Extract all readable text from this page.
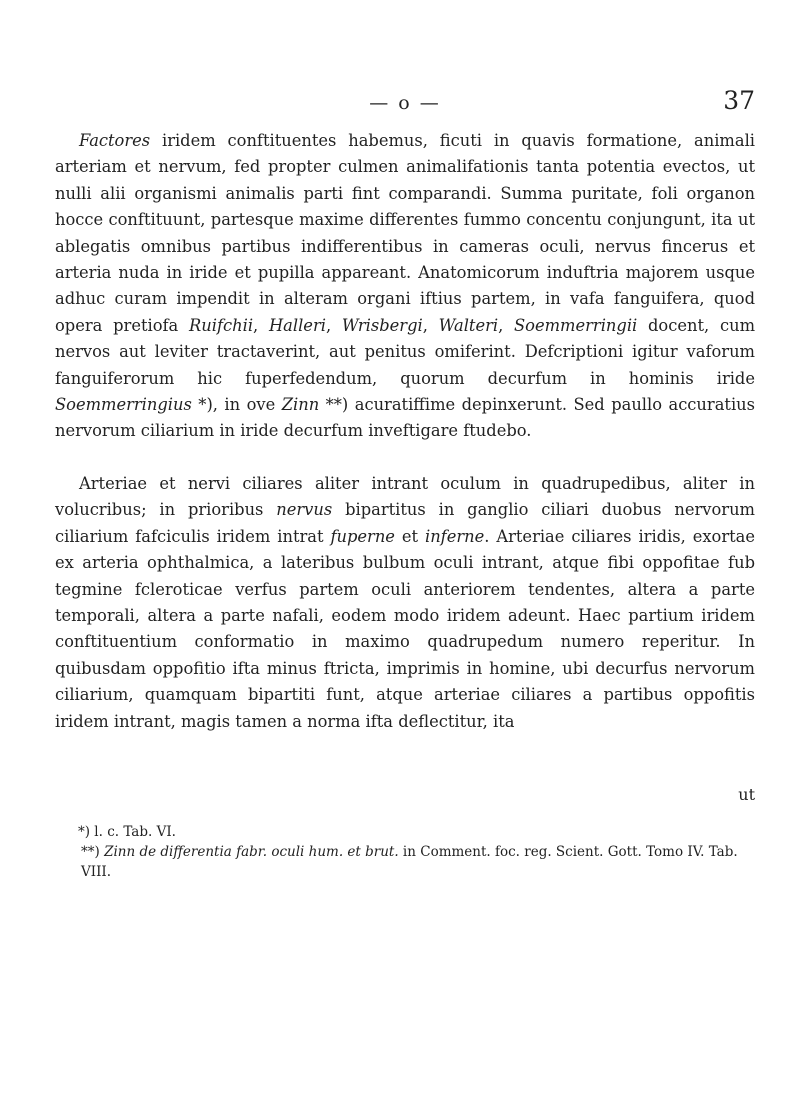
— o —	37

Factores iridem conftituentes habemus, ficuti in quavis formatione, animali arteriam et nervum, fed propter culmen animalifationis tanta potentia evectos, ut nulli alii organismi animalis parti fint comparandi. Summa puritate, foli organon hocce conftituunt, partesque maxime differentes fummo concentu conjungunt, ita ut ablegatis omnibus partibus indifferentibus in cameras oculi, nervus fincerus et arteria nuda in iride et pupilla appareant. Anatomicorum induftria majorem usque adhuc curam impendit in alteram organi iftius partem, in vafa fanguifera, quod opera pretiofa Ruifchii, Halleri, Wrisbergi, Walteri, Soemmerringii docent, cum nervos aut leviter tractaverint, aut penitus omiferint. Defcriptioni igitur vaforum fanguiferorum hic fuperfedendum, quorum decurfum in hominis iride Soemmerringius *), in ove Zinn **) acuratiffime depinxerunt. Sed paullo accuratius nervorum ciliarium in iride decurfum inveftigare ftudebo.

Arteriae et nervi ciliares aliter intrant oculum in quadrupedibus, aliter in volucribus; in prioribus nervus bipartitus in ganglio ciliari duobus nervorum ciliarium fafciculis iridem intrat fuperne et inferne. Arteriae ciliares iridis, exortae ex arteria ophthalmica, a lateribus bulbum oculi intrant, atque fibi oppofitae fub tegmine fcleroticae verfus partem oculi anteriorem tendentes, altera a parte temporali, altera a parte nafali, eodem modo iridem adeunt. Haec partium iridem conftituentium conformatio in maximo quadrupedum numero reperitur. In quibusdam oppofitio ifta minus ftricta, imprimis in homine, ubi decurfus nervorum ciliarium, quamquam bipartiti funt, atque arteriae ciliares a partibus oppofitis iridem intrant, magis tamen a norma ifta deflectitur, ita

ut
*) l. c. Tab. VI.
**) Zinn de differentia fabr. oculi hum. et brut. in Comment. foc. reg. Scient. Gott. Tomo IV. Tab. VIII.
